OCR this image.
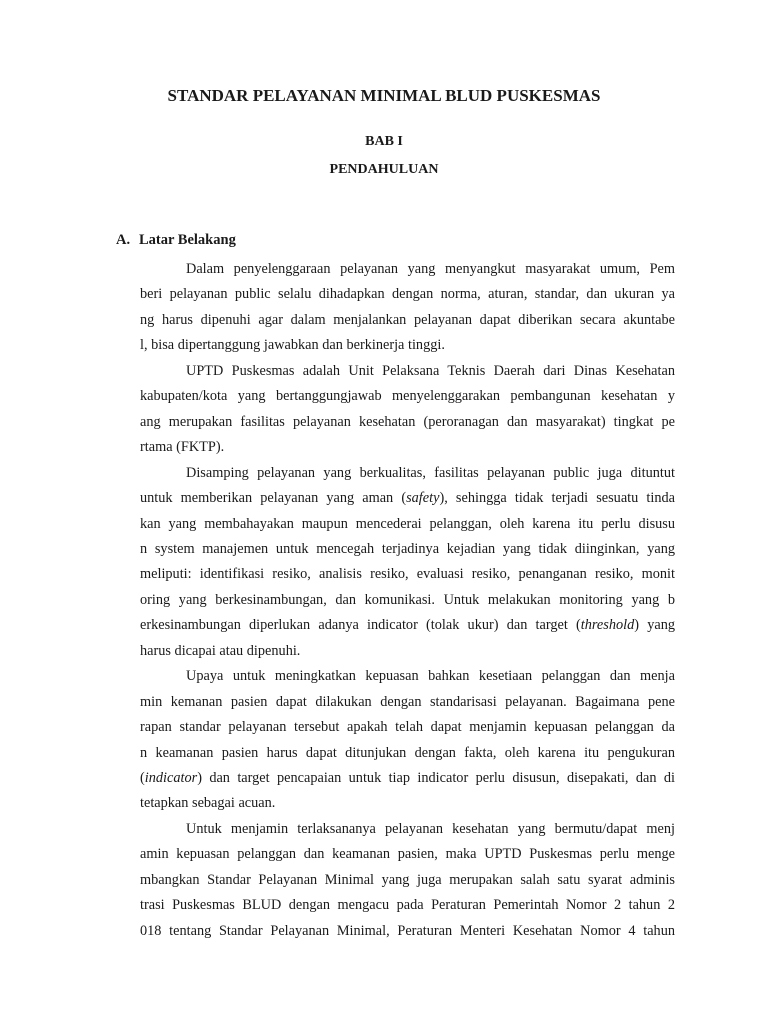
STANDAR PELAYANAN MINIMAL BLUD PUSKESMAS
BAB I
PENDAHULUAN
A. Latar Belakang

Dalam penyelenggaraan pelayanan yang menyangkut masyarakat umum, Pem

beri pelayanan public selalu dihadapkan dengan norma, aturan, standar, dan ukuran ya

ng harus dipenuhi agar dalam menjalankan pelayanan dapat diberikan secara akuntabe

l, bisa dipertanggung jawabkan dan berkinerja tinggi.

UPTD Puskesmas adalah Unit Pelaksana Teknis Daerah dari Dinas Kesehatan

kabupaten/kota yang bertanggungjawab menyelenggarakan pembangunan kesehatan y

ang merupakan fasilitas pelayanan kesehatan (peroranagan dan masyarakat) tingkat pe

rtama (FKTP).

Disamping pelayanan yang berkualitas, fasilitas pelayanan public juga dituntut

untuk memberikan pelayanan yang aman (safety), sehingga tidak terjadi sesuatu tinda

kan yang membahayakan maupun mencederai pelanggan, oleh karena itu perlu disusu

n system manajemen untuk mencegah terjadinya kejadian yang tidak diinginkan, yang

meliputi: identifikasi resiko, analisis resiko, evaluasi resiko, penanganan resiko, monit

oring yang berkesinambungan, dan komunikasi. Untuk melakukan monitoring yang b

erkesinambungan diperlukan adanya indicator (tolak ukur) dan target (threshold) yang

harus dicapai atau dipenuhi.

Upaya untuk meningkatkan kepuasan bahkan kesetiaan pelanggan dan menja

min kemanan pasien dapat dilakukan dengan standarisasi pelayanan. Bagaimana pene

rapan standar pelayanan tersebut apakah telah dapat menjamin kepuasan pelanggan da

n keamanan pasien harus dapat ditunjukan dengan fakta, oleh karena itu pengukuran

(indicator) dan target pencapaian untuk tiap indicator perlu disusun, disepakati, dan di

tetapkan sebagai acuan.

Untuk menjamin terlaksananya pelayanan kesehatan yang bermutu/dapat menj

amin kepuasan pelanggan dan keamanan pasien, maka UPTD Puskesmas perlu menge

mbangkan Standar Pelayanan Minimal yang juga merupakan salah satu syarat adminis

trasi Puskesmas BLUD dengan mengacu pada Peraturan Pemerintah Nomor 2 tahun 2

018 tentang Standar Pelayanan Minimal, Peraturan Menteri Kesehatan Nomor 4 tahun
